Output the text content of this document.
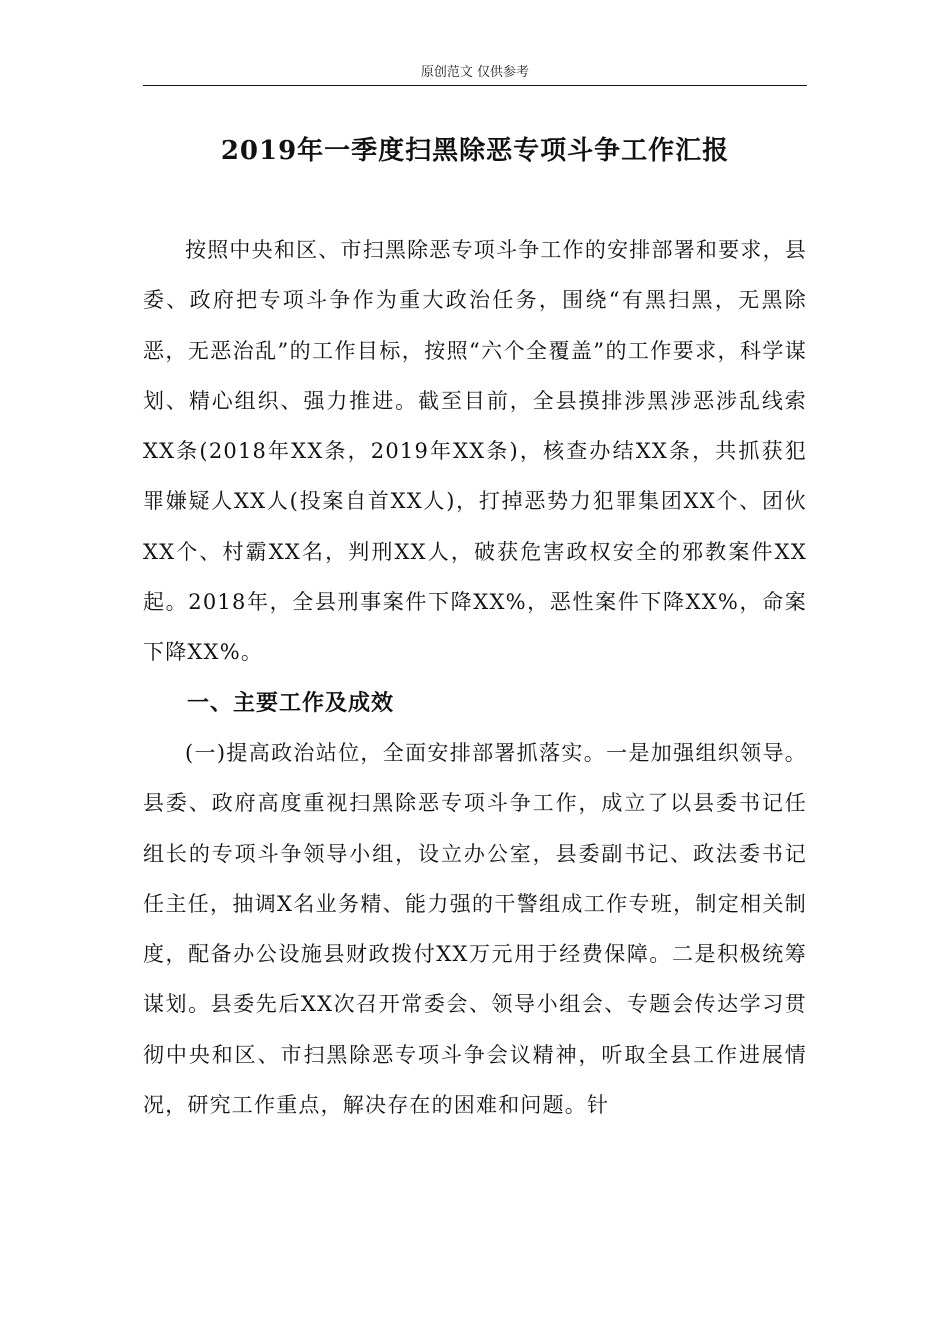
原创范文 仅供参考
2019年一季度扫黑除恶专项斗争工作汇报

按照中央和区、市扫黑除恶专项斗争工作的安排部署和要求，县委、政府把专项斗争作为重大政治任务，围绕“有黑扫黑，无黑除恶，无恶治乱”的工作目标，按照“六个全覆盖”的工作要求，科学谋划、精心组织、强力推进。截至目前，全县摸排涉黑涉恶涉乱线索XX条(2018年XX条，2019年XX条)，核查办结XX条，共抓获犯罪嫌疑人XX人(投案自首XX人)，打掉恶势力犯罪集团XX个、团伙XX个、村霸XX名，判刑XX人，破获危害政权安全的邪教案件XX起。2018年，全县刑事案件下降XX%，恶性案件下降XX%，命案下降XX%。

一、主要工作及成效

(一)提高政治站位，全面安排部署抓落实。一是加强组织领导。县委、政府高度重视扫黑除恶专项斗争工作，成立了以县委书记任组长的专项斗争领导小组，设立办公室，县委副书记、政法委书记任主任，抽调X名业务精、能力强的干警组成工作专班，制定相关制度，配备办公设施县财政拨付XX万元用于经费保障。二是积极统筹谋划。县委先后XX次召开常委会、领导小组会、专题会传达学习贯彻中央和区、市扫黑除恶专项斗争会议精神，听取全县工作进展情况，研究工作重点，解决存在的困难和问题。针
